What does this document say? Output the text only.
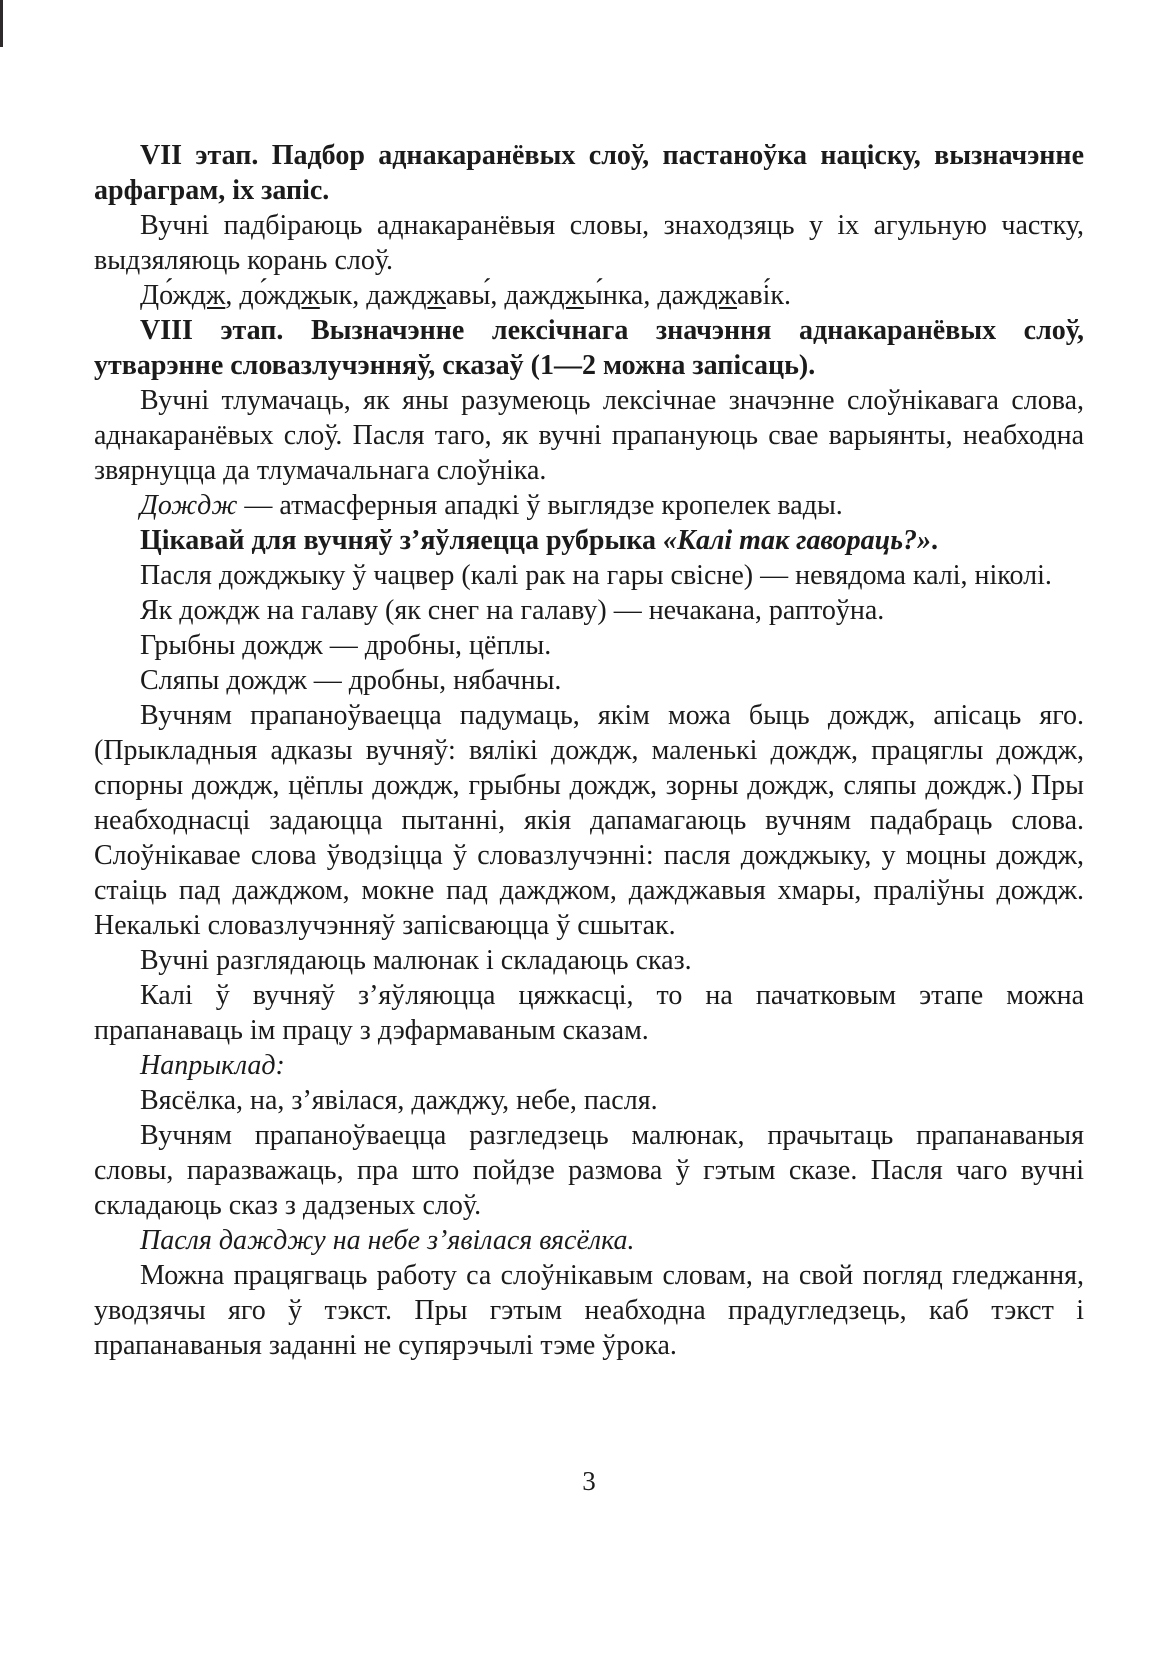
VII этап. Падбор аднакаранёвых слоў, пастаноўка націску, вызначэнне арфаграм, іх запіс.

Вучні падбіраюць аднакаранёвыя словы, знаходзяць у іх агульную частку, выдзяляюць корань слоў.

До́ждж, до́жджык, дажджавы́, дажджы́нка, дажджаві́к.

VIII этап. Вызначэнне лексічнага значэння аднакаранёвых слоў, утварэнне словазлучэнняў, сказаў (1—2 можна запісаць).

Вучні тлумачаць, як яны разумеюць лексічнае значэнне слоўнікавага слова, аднакаранёвых слоў. Пасля таго, як вучні прапануюць свае варыянты, неабходна звярнуцца да тлумачальнага слоўніка.

Дождж — атмасферныя ападкі ў выглядзе кропелек вады.

Цікавай для вучняў з’яўляецца рубрыка «Калі так гавораць?».

Пасля дожджыку ў чацвер (калі рак на гары свісне) — невядома калі, ніколі.

Як дождж на галаву (як снег на галаву) — нечакана, раптоўна.

Грыбны дождж — дробны, цёплы.

Сляпы дождж — дробны, нябачны.

Вучням прапаноўваецца падумаць, якім можа быць дождж, апісаць яго. (Прыкладныя адказы вучняў: вялікі дождж, маленькі дождж, працяглы дождж, спорны дождж, цёплы дождж, грыбны дождж, зорны дождж, сляпы дождж.) Пры неабходнасці задаюцца пытанні, якія дапамагаюць вучням падабраць слова. Слоўнікавае слова ўводзіцца ў словазлучэнні: пасля дожджыку, у моцны дождж, стаіць пад дажджом, мокне пад дажджом, дажджавыя хмары, праліўны дождж. Некалькі словазлучэнняў запісваюцца ў сшытак.

Вучні разглядаюць малюнак і складаюць сказ.

Калі ў вучняў з’яўляюцца цяжкасці, то на пачатковым этапе можна прапанаваць ім працу з дэфармаваным сказам.

Напрыклад:

Вясёлка, на, з’явілася, дажджу, небе, пасля.

Вучням прапаноўваецца разгледзець малюнак, прачытаць прапанаваныя словы, паразважаць, пра што пойдзе размова ў гэтым сказе. Пасля чаго вучні складаюць сказ з дадзеных слоў.

Пасля дажджу на небе з’явілася вясёлка.

Можна працягваць работу са слоўнікавым словам, на свой погляд гледжання, уводзячы яго ў тэкст. Пры гэтым неабходна прадугледзець, каб тэкст і прапанаваныя заданні не супярэчылі тэме ўрока.

3
